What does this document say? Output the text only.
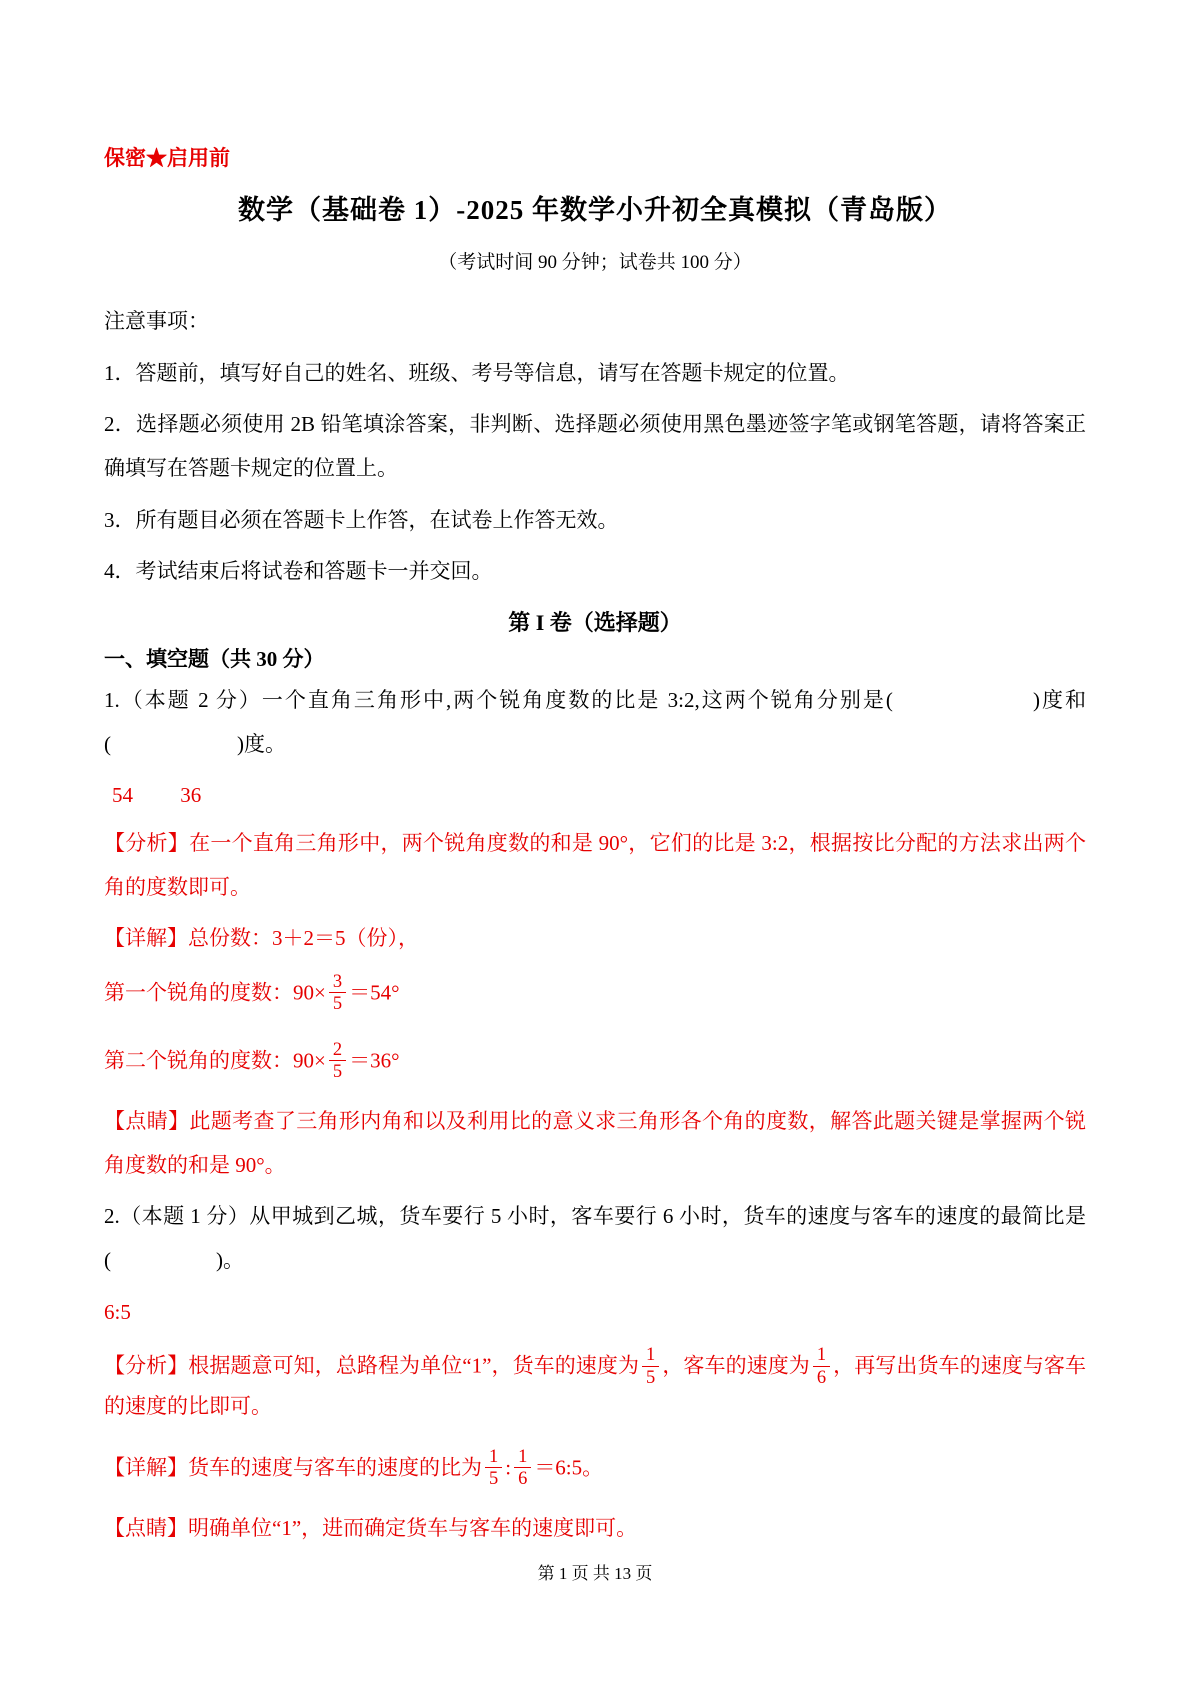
保密★启用前
数学（基础卷 1）-2025 年数学小升初全真模拟（青岛版）
（考试时间 90 分钟；试卷共 100 分）

注意事项：

1．答题前，填写好自己的姓名、班级、考号等信息，请写在答题卡规定的位置。

2．选择题必须使用 2B 铅笔填涂答案，非判断、选择题必须使用黑色墨迹签字笔或钢笔答题，请将答案正确填写在答题卡规定的位置上。

3．所有题目必须在答题卡上作答，在试卷上作答无效。

4．考试结束后将试卷和答题卡一并交回。

第 I 卷（选择题）
一、填空题（共 30 分）

1.（本题 2 分）一个直角三角形中,两个锐角度数的比是 3:2,这两个锐角分别是(　　　　　　)度和(　　　　　　)度。

54　　 36

【分析】在一个直角三角形中，两个锐角度数的和是 90°，它们的比是 3:2，根据按比分配的方法求出两个角的度数即可。

【详解】总份数：3＋2＝5（份），

第一个锐角的度数：$90\times \frac{3}{5} =54^\circ$

第二个锐角的度数：$90\times \frac{2}{5} =36^\circ$

【点睛】此题考查了三角形内角和以及利用比的意义求三角形各个角的度数，解答此题关键是掌握两个锐角度数的和是 90°。

2.（本题 1 分）从甲城到乙城，货车要行 5 小时，客车要行 6 小时，货车的速度与客车的速度的最简比是 (　　　　　)。

6:5

【分析】根据题意可知，总路程为单位“1”，货车的速度为 $\frac{1}{5}$ ，客车的速度为 $\frac{1}{6}$ ，再写出货车的速度与客车的速度的比即可。

【详解】货车的速度与客车的速度的比为 $\frac{1}{5}$ : $\frac{1}{6}$ ＝6:5。

【点睛】明确单位“1”，进而确定货车与客车的速度即可。

第 1 页 共 13 页
